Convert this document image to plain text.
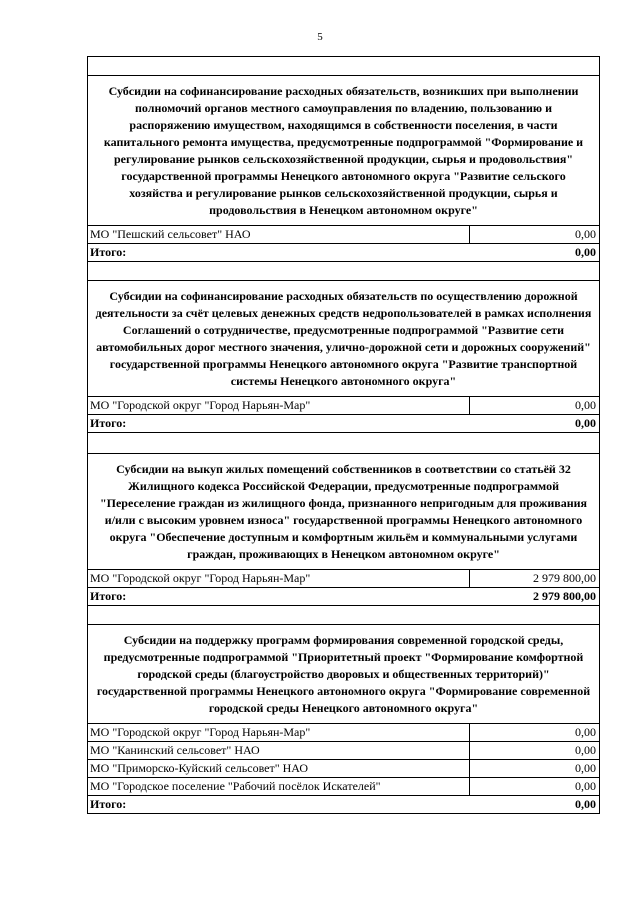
5
Субсидии на софинансирование расходных обязательств, возникших при выполнении полномочий органов местного самоуправления по владению, пользованию и распоряжению имуществом, находящимся в собственности поселения, в части капитального ремонта имущества, предусмотренные подпрограммой "Формирование и регулирование рынков сельскохозяйственной продукции, сырья и продовольствия" государственной программы Ненецкого автономного округа "Развитие сельского хозяйства и регулирование рынков сельскохозяйственной продукции, сырья и продовольствия в Ненецком автономном округе"
МО "Пешский сельсовет" НАО	0,00
Итого:	0,00
Субсидии на софинансирование расходных обязательств по осуществлению дорожной деятельности за счёт целевых денежных средств недропользователей в рамках исполнения Соглашений о сотрудничестве, предусмотренные подпрограммой "Развитие сети автомобильных дорог местного значения, улично-дорожной сети и дорожных сооружений" государственной программы Ненецкого автономного округа "Развитие транспортной системы Ненецкого автономного округа"
МО "Городской округ "Город Нарьян-Мар"	0,00
Итого:	0,00
Субсидии на выкуп жилых помещений собственников в соответствии со статьёй 32 Жилищного кодекса Российской Федерации, предусмотренные подпрограммой "Переселение граждан из жилищного фонда, признанного непригодным для проживания и/или с высоким уровнем износа" государственной программы Ненецкого автономного округа "Обеспечение доступным и комфортным жильём и коммунальными услугами граждан, проживающих в Ненецком автономном округе"
МО "Городской округ "Город Нарьян-Мар"	2 979 800,00
Итого:	2 979 800,00
Субсидии на поддержку программ формирования современной городской среды, предусмотренные подпрограммой "Приоритетный проект "Формирование комфортной городской среды (благоустройство дворовых и общественных территорий)" государственной программы Ненецкого автономного округа "Формирование современной городской среды Ненецкого автономного округа"
МО "Городской округ "Город Нарьян-Мар"	0,00
МО "Канинский сельсовет" НАО	0,00
МО "Приморско-Куйский сельсовет" НАО	0,00
МО "Городское поселение "Рабочий посёлок Искателей"	0,00
Итого:	0,00
